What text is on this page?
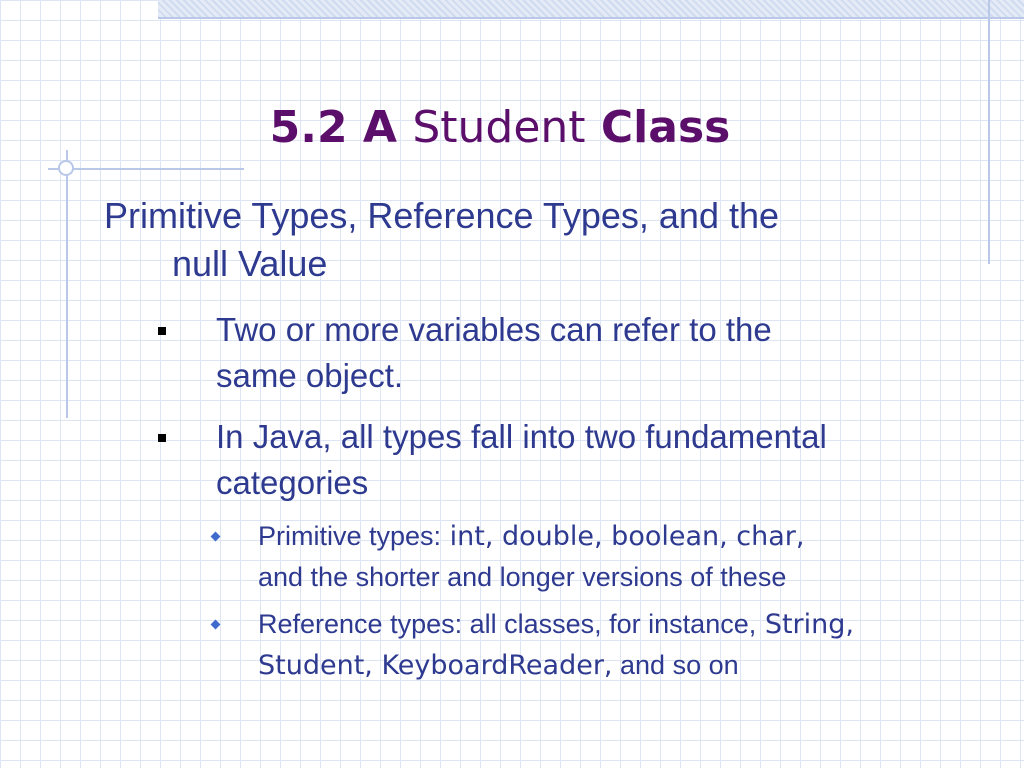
5.2 A Student Class

Primitive Types, Reference Types, and the
null Value

Two or more variables can refer to the
same object.

In Java, all types fall into two fundamental
categories

Primitive types: int, double, boolean, char,
and the shorter and longer versions of these

Reference types: all classes, for instance, String,
Student, KeyboardReader, and so on
